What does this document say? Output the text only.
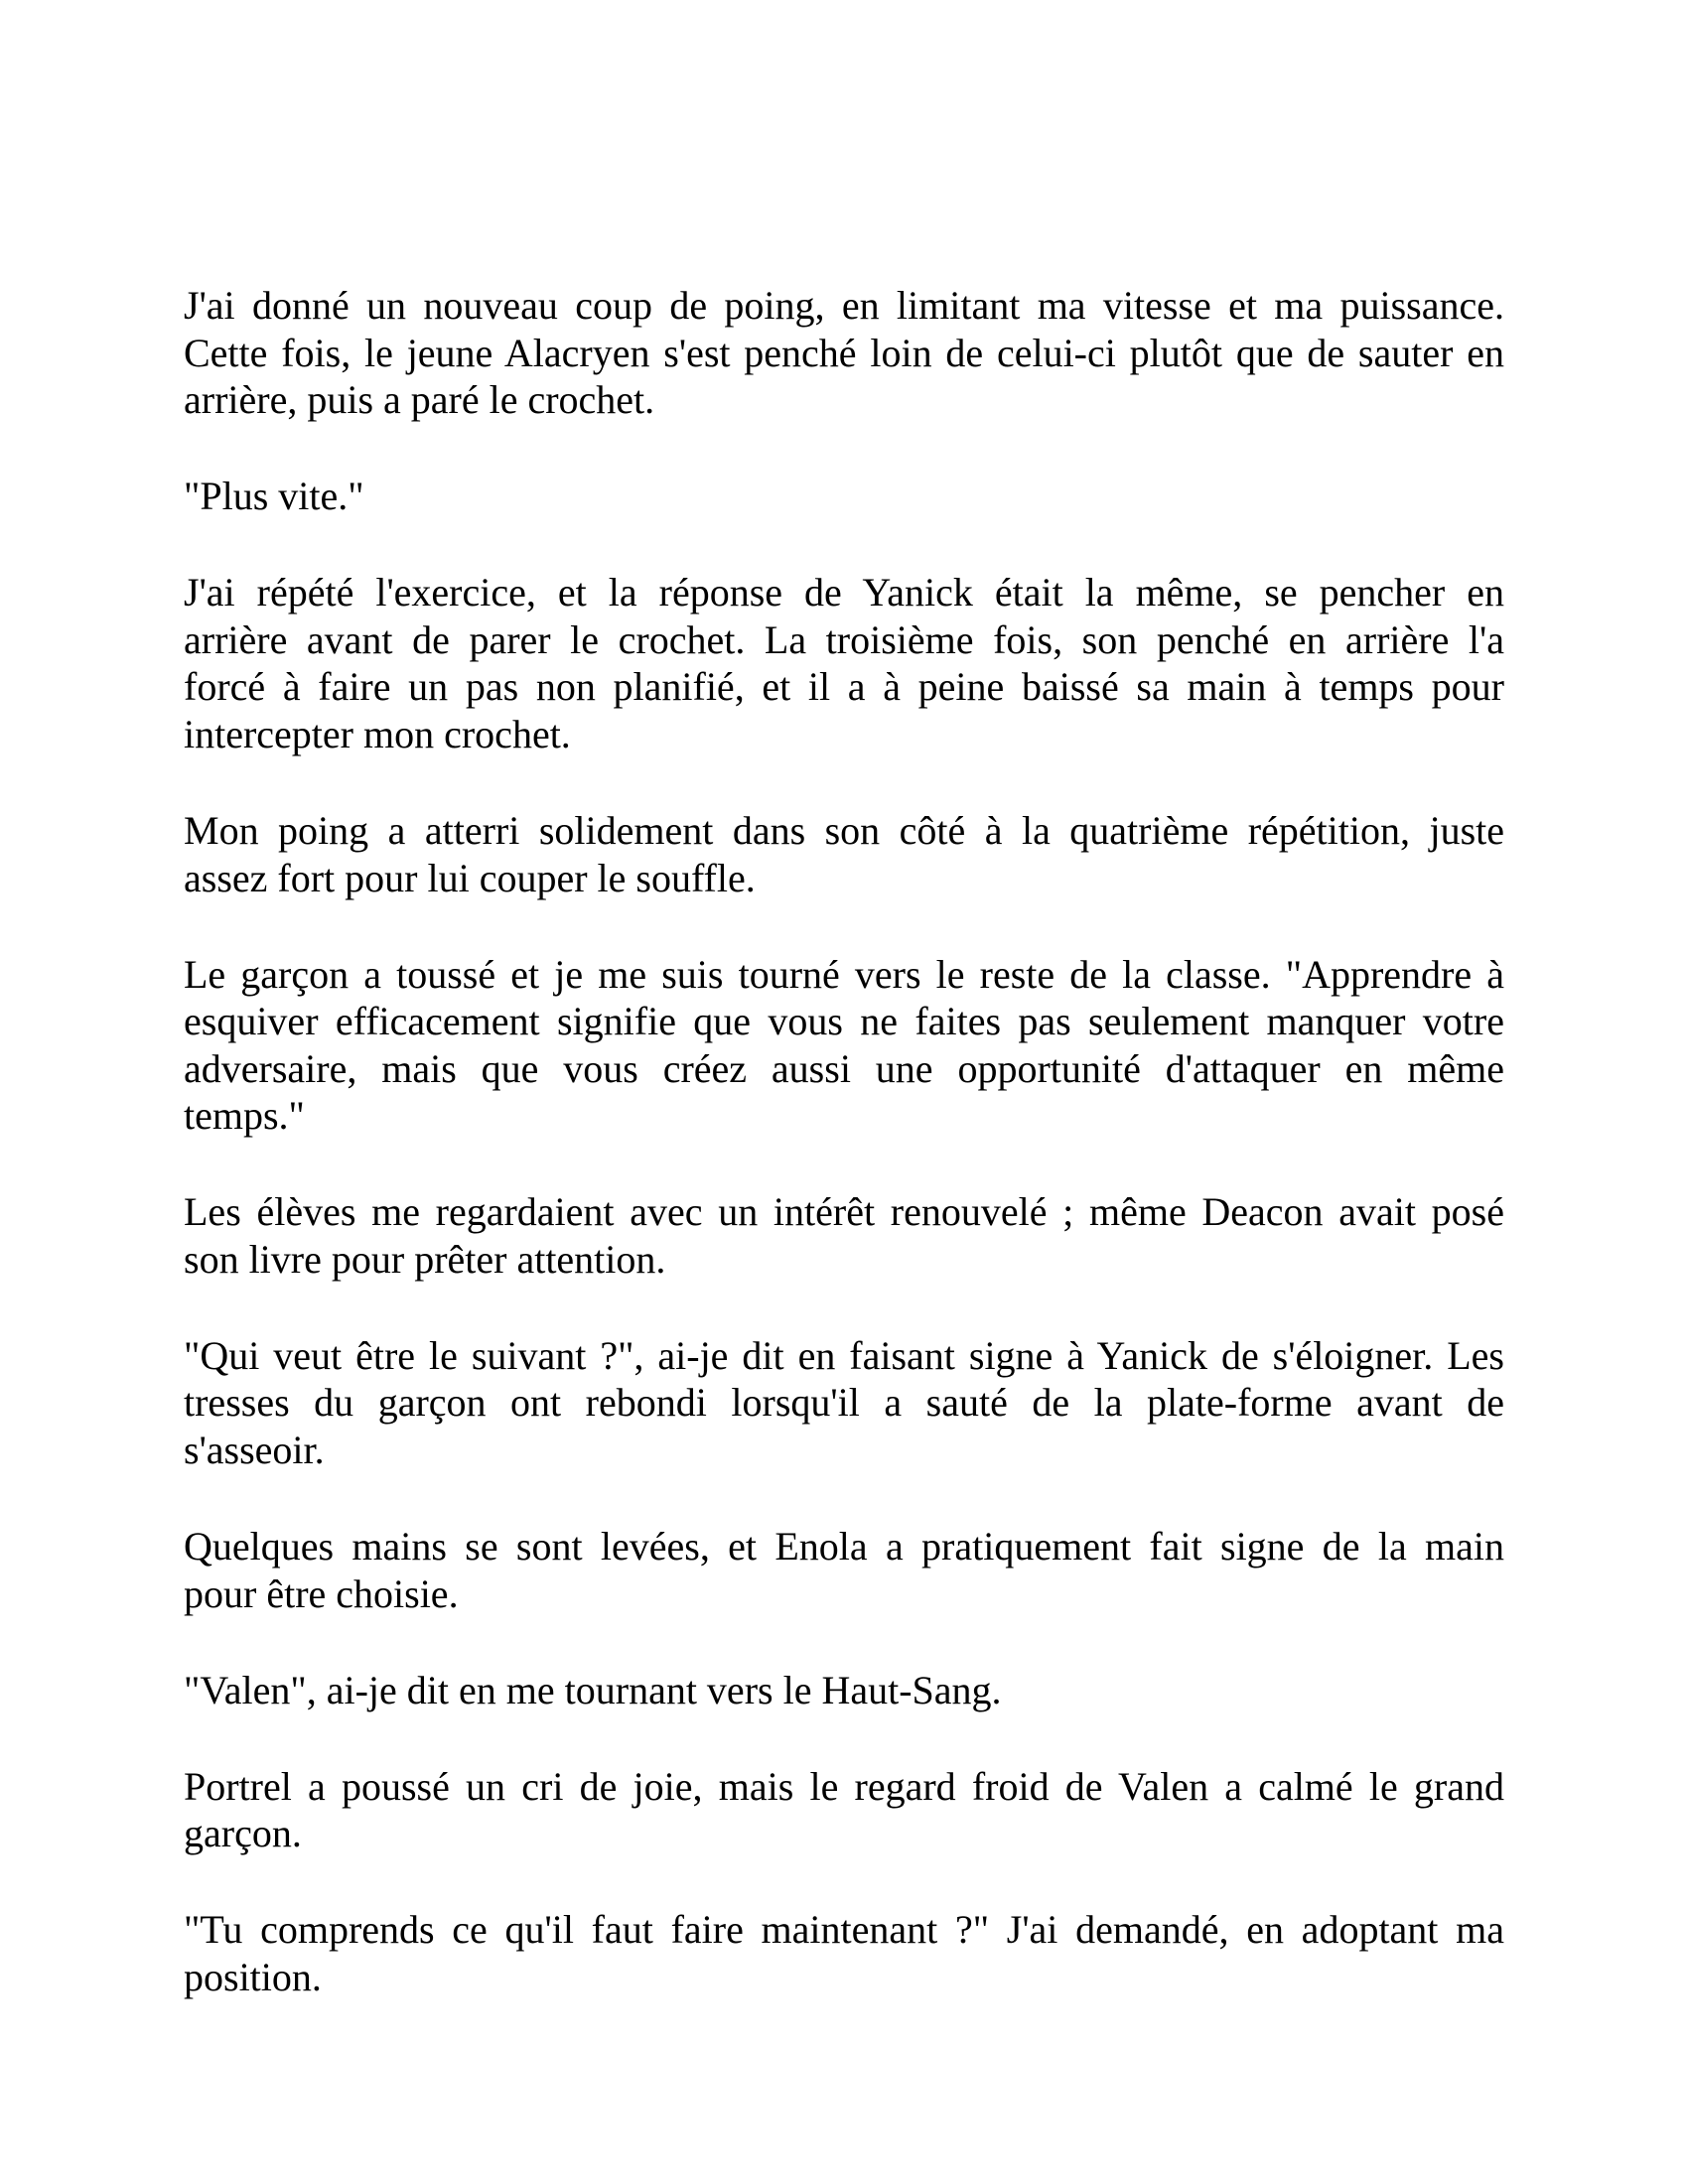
J'ai donné un nouveau coup de poing, en limitant ma vitesse et ma puissance.
Cette fois, le jeune Alacryen s'est penché loin de celui-ci plutôt que de sauter en
arrière, puis a paré le crochet.
"Plus vite."
J'ai répété l'exercice, et la réponse de Yanick était la même, se pencher en
arrière avant de parer le crochet. La troisième fois, son penché en arrière l'a
forcé à faire un pas non planifié, et il a à peine baissé sa main à temps pour
intercepter mon crochet.
Mon poing a atterri solidement dans son côté à la quatrième répétition, juste
assez fort pour lui couper le souffle.
Le garçon a toussé et je me suis tourné vers le reste de la classe. "Apprendre à
esquiver efficacement signifie que vous ne faites pas seulement manquer votre
adversaire, mais que vous créez aussi une opportunité d'attaquer en même
temps."
Les élèves me regardaient avec un intérêt renouvelé ; même Deacon avait posé
son livre pour prêter attention.
"Qui veut être le suivant ?", ai-je dit en faisant signe à Yanick de s'éloigner. Les
tresses du garçon ont rebondi lorsqu'il a sauté de la plate-forme avant de
s'asseoir.
Quelques mains se sont levées, et Enola a pratiquement fait signe de la main
pour être choisie.
"Valen", ai-je dit en me tournant vers le Haut-Sang.
Portrel a poussé un cri de joie, mais le regard froid de Valen a calmé le grand
garçon.
"Tu comprends ce qu'il faut faire maintenant ?" J'ai demandé, en adoptant ma
position.
